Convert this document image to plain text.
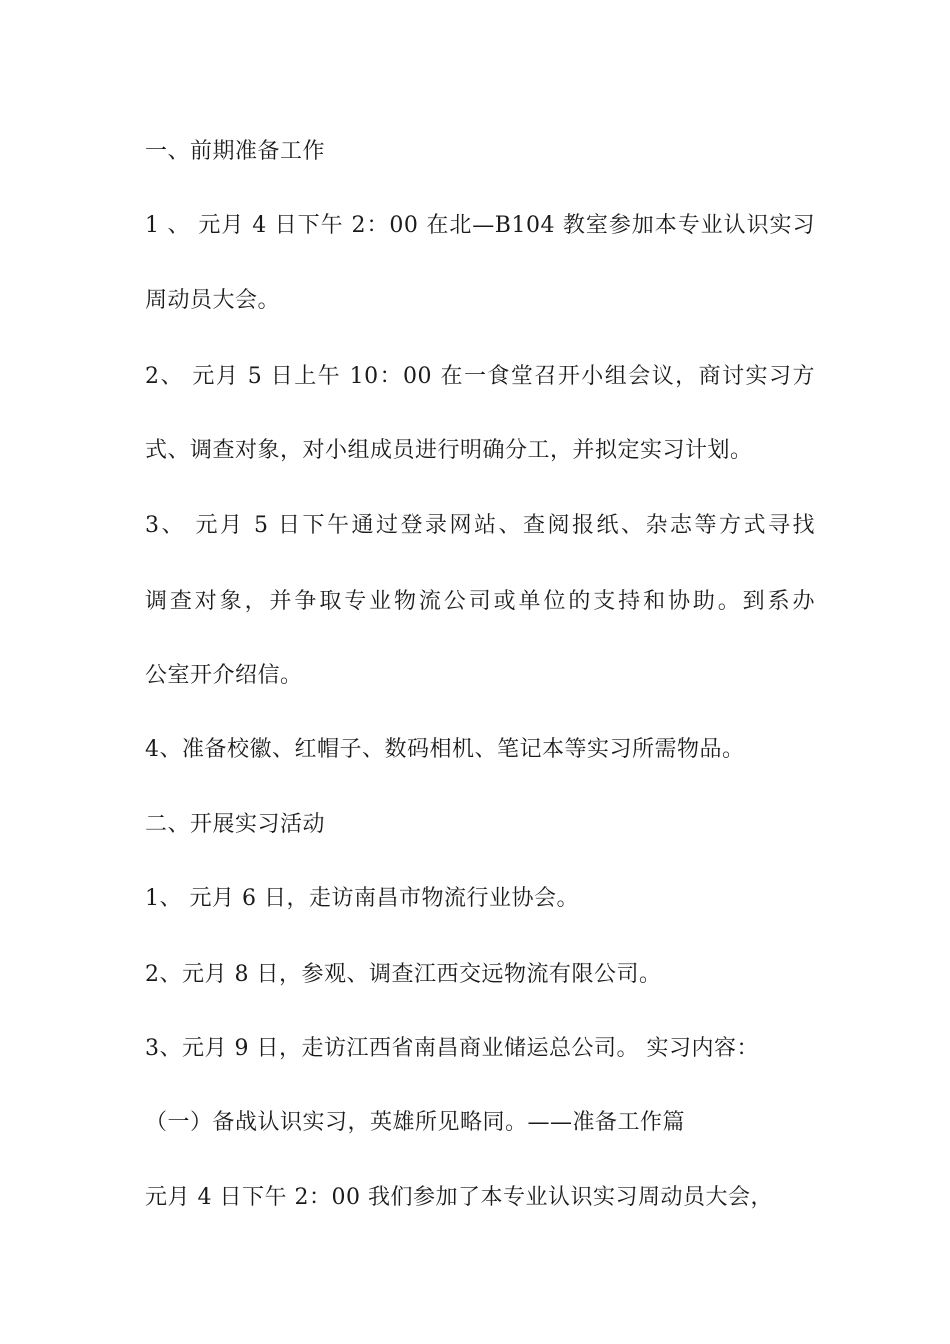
一、前期准备工作
1 、 元月 4 日下午 2：00 在北—B104 教室参加本专业认识实习
周动员大会。
2、 元月 5 日上午 10：00 在一食堂召开小组会议，商讨实习方
式、调查对象，对小组成员进行明确分工，并拟定实习计划。
3、 元月 5 日下午通过登录网站、查阅报纸、杂志等方式寻找
调查对象，并争取专业物流公司或单位的支持和协助。到系办
公室开介绍信。
4、准备校徽、红帽子、数码相机、笔记本等实习所需物品。
二、开展实习活动
1、 元月 6 日，走访南昌市物流行业协会。
2、元月 8 日，参观、调查江西交远物流有限公司。
3、元月 9 日，走访江西省南昌商业储运总公司。 实习内容：
（一）备战认识实习，英雄所见略同。——准备工作篇
元月 4 日下午 2：00 我们参加了本专业认识实习周动员大会，
